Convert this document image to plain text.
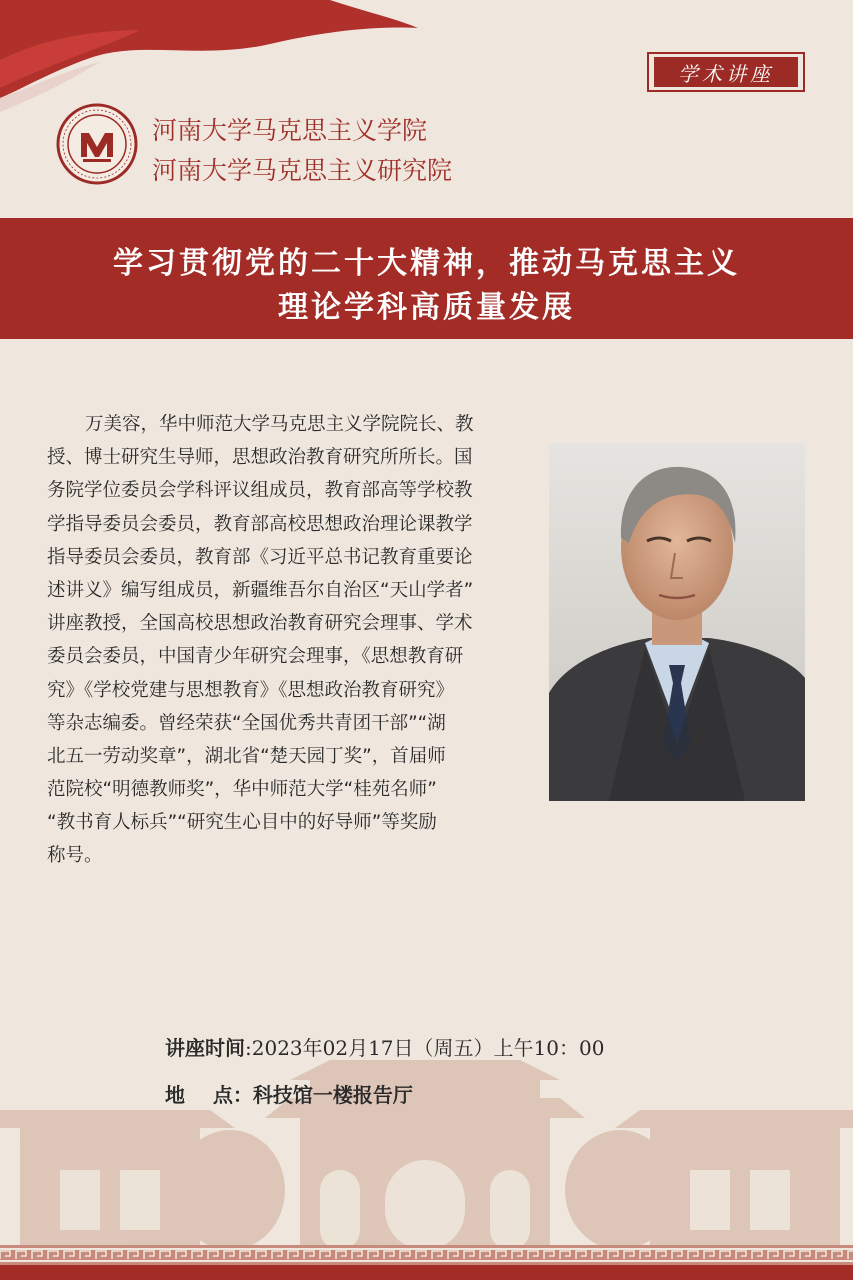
学术讲座
河南大学马克思主义学院
河南大学马克思主义研究院
学习贯彻党的二十大精神，推动马克思主义
理论学科高质量发展
万美容，华中师范大学马克思主义学院院长、教
授、博士研究生导师，思想政治教育研究所所长。国
务院学位委员会学科评议组成员，教育部高等学校教
学指导委员会委员，教育部高校思想政治理论课教学
指导委员会委员，教育部《习近平总书记教育重要论
述讲义》编写组成员，新疆维吾尔自治区“天山学者”
讲座教授，全国高校思想政治教育研究会理事、学术
委员会委员，中国青少年研究会理事，《思想教育研
究》《学校党建与思想教育》《思想政治教育研究》
等杂志编委。曾经荣获“全国优秀共青团干部”“湖
北五一劳动奖章”，湖北省“楚天园丁奖”，首届师
范院校“明德教师奖”，华中师范大学“桂苑名师”
“教书育人标兵”“研究生心目中的好导师”等奖励
称号。
讲座时间:2023年02月17日（周五）上午10：00
地    点：科技馆一楼报告厅
